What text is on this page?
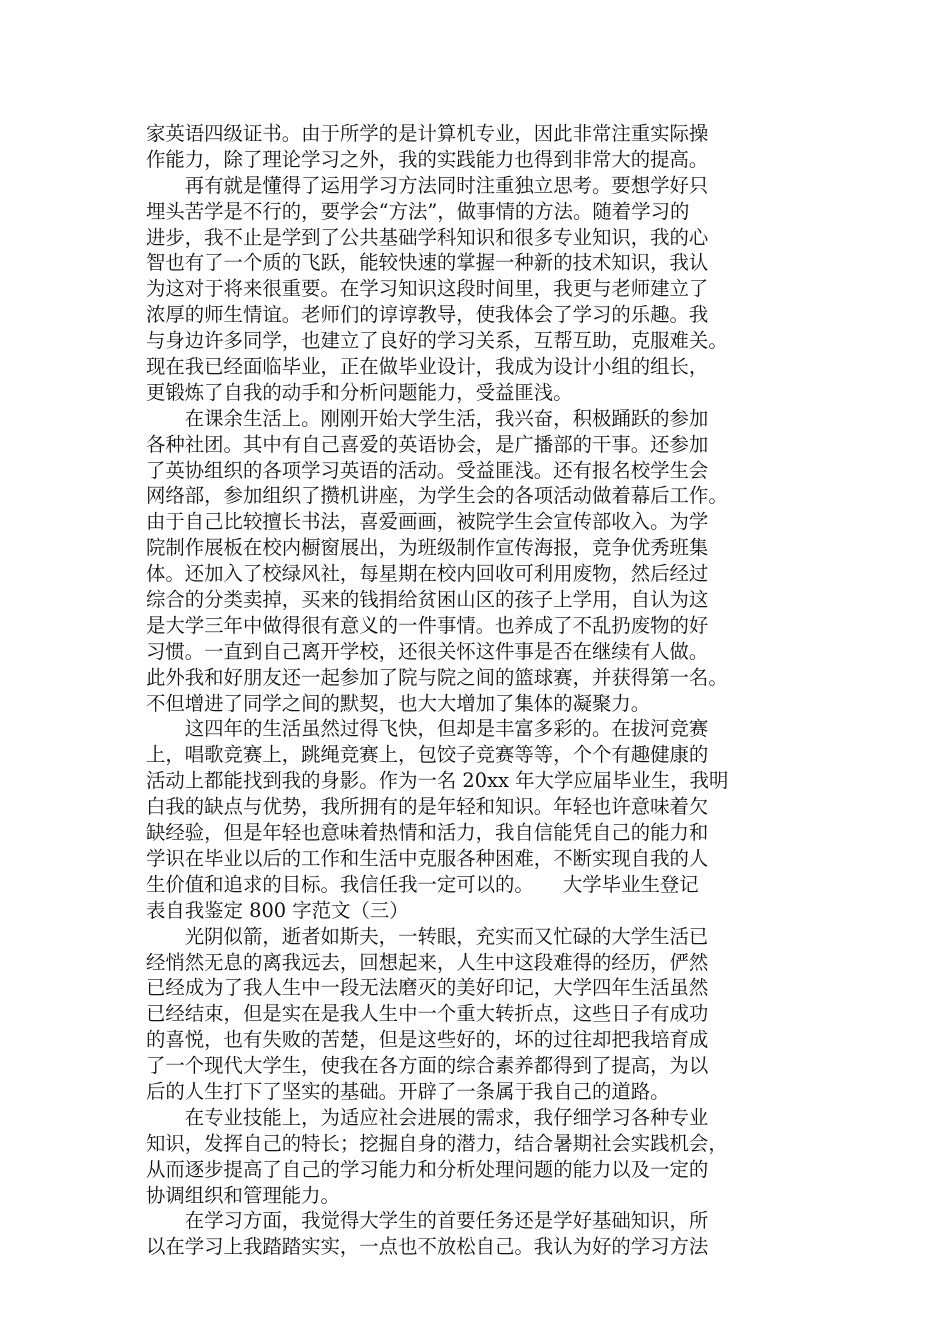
家英语四级证书。由于所学的是计算机专业，因此非常注重实际操
作能力，除了理论学习之外，我的实践能力也得到非常大的提高。
　　再有就是懂得了运用学习方法同时注重独立思考。要想学好只
埋头苦学是不行的，要学会“方法”，做事情的方法。随着学习的
进步，我不止是学到了公共基础学科知识和很多专业知识，我的心
智也有了一个质的飞跃，能较快速的掌握一种新的技术知识，我认
为这对于将来很重要。在学习知识这段时间里，我更与老师建立了
浓厚的师生情谊。老师们的谆谆教导，使我体会了学习的乐趣。我
与身边许多同学，也建立了良好的学习关系，互帮互助，克服难关。
现在我已经面临毕业，正在做毕业设计，我成为设计小组的组长，
更锻炼了自我的动手和分析问题能力，受益匪浅。
　　在课余生活上。刚刚开始大学生活，我兴奋，积极踊跃的参加
各种社团。其中有自己喜爱的英语协会，是广播部的干事。还参加
了英协组织的各项学习英语的活动。受益匪浅。还有报名校学生会
网络部，参加组织了攒机讲座，为学生会的各项活动做着幕后工作。
由于自己比较擅长书法，喜爱画画，被院学生会宣传部收入。为学
院制作展板在校内橱窗展出，为班级制作宣传海报，竞争优秀班集
体。还加入了校绿风社，每星期在校内回收可利用废物，然后经过
综合的分类卖掉，买来的钱捐给贫困山区的孩子上学用，自认为这
是大学三年中做得很有意义的一件事情。也养成了不乱扔废物的好
习惯。一直到自己离开学校，还很关怀这件事是否在继续有人做。
此外我和好朋友还一起参加了院与院之间的篮球赛，并获得第一名。
不但增进了同学之间的默契，也大大增加了集体的凝聚力。
　　这四年的生活虽然过得飞快，但却是丰富多彩的。在拔河竞赛
上，唱歌竞赛上，跳绳竞赛上，包饺子竞赛等等，个个有趣健康的
活动上都能找到我的身影。作为一名 20xx 年大学应届毕业生，我明
白我的缺点与优势，我所拥有的是年轻和知识。年轻也许意味着欠
缺经验，但是年轻也意味着热情和活力，我自信能凭自己的能力和
学识在毕业以后的工作和生活中克服各种困难，不断实现自我的人
生价值和追求的目标。我信任我一定可以的。　　大学毕业生登记
表自我鉴定 800 字范文（三）
　　光阴似箭，逝者如斯夫，一转眼，充实而又忙碌的大学生活已
经悄然无息的离我远去，回想起来，人生中这段难得的经历，俨然
已经成为了我人生中一段无法磨灭的美好印记，大学四年生活虽然
已经结束，但是实在是我人生中一个重大转折点，这些日子有成功
的喜悦，也有失败的苦楚，但是这些好的，坏的过往却把我培育成
了一个现代大学生，使我在各方面的综合素养都得到了提高，为以
后的人生打下了坚实的基础。开辟了一条属于我自己的道路。
　　在专业技能上，为适应社会进展的需求，我仔细学习各种专业
知识，发挥自己的特长；挖掘自身的潜力，结合暑期社会实践机会，
从而逐步提高了自己的学习能力和分析处理问题的能力以及一定的
协调组织和管理能力。
　　在学习方面，我觉得大学生的首要任务还是学好基础知识，所
以在学习上我踏踏实实，一点也不放松自己。我认为好的学习方法
